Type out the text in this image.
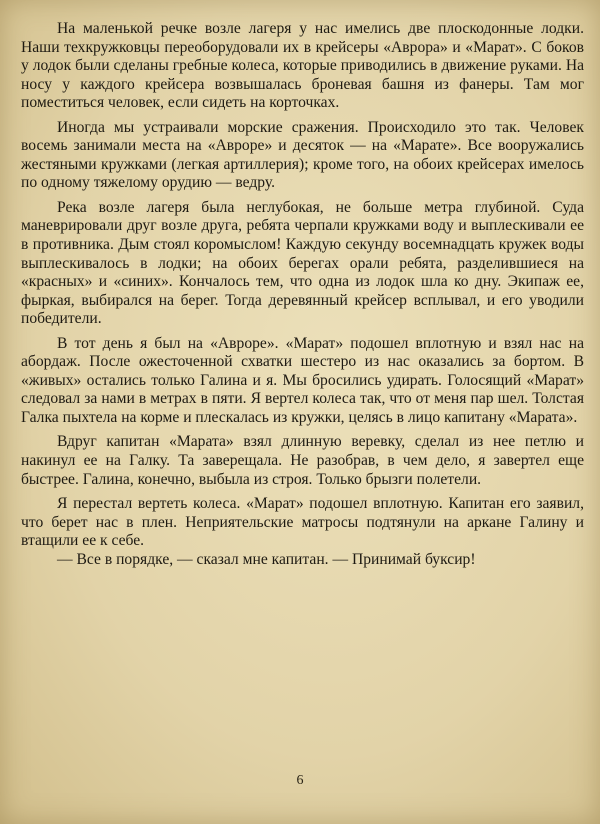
На маленькой речке возле лагеря у нас имелись две плоскодонные лодки. Наши техкружковцы переоборудовали их в крейсеры «Аврора» и «Марат». С боков у лодок были сделаны гребные колеса, которые приводились в движение руками. На носу у каждого крейсера возвышалась броневая башня из фанеры. Там мог поместиться человек, если сидеть на корточках.

Иногда мы устраивали морские сражения. Происходило это так. Человек восемь занимали места на «Авроре» и десяток — на «Марате». Все вооружались жестяными кружками (легкая артиллерия); кроме того, на обоих крейсерах имелось по одному тяжелому орудию — ведру.

Река возле лагеря была неглубокая, не больше метра глубиной. Суда маневрировали друг возле друга, ребята черпали кружками воду и выплескивали ее в противника. Дым стоял коромыслом! Каждую секунду восемнадцать кружек воды выплескивалось в лодки; на обоих берегах орали ребята, разделившиеся на «красных» и «синих». Кончалось тем, что одна из лодок шла ко дну. Экипаж ее, фыркая, выбирался на берег. Тогда деревянный крейсер всплывал, и его уводили победители.

В тот день я был на «Авроре». «Марат» подошел вплотную и взял нас на абордаж. После ожесточенной схватки шестеро из нас оказались за бортом. В «живых» остались только Галина и я. Мы бросились удирать. Голосящий «Марат» следовал за нами в метрах в пяти. Я вертел колеса так, что от меня пар шел. Толстая Галка пыхтела на корме и плескалась из кружки, целясь в лицо капитану «Марата».

Вдруг капитан «Марата» взял длинную веревку, сделал из нее петлю и накинул ее на Галку. Та заверещала. Не разобрав, в чем дело, я завертел еще быстрее. Галина, конечно, выбыла из строя. Только брызги полетели.

Я перестал вертеть колеса. «Марат» подошел вплотную. Капитан его заявил, что берет нас в плен. Неприятельские матросы подтянули на аркане Галину и втащили ее к себе.

— Все в порядке, — сказал мне капитан. — Принимай буксир!

6
